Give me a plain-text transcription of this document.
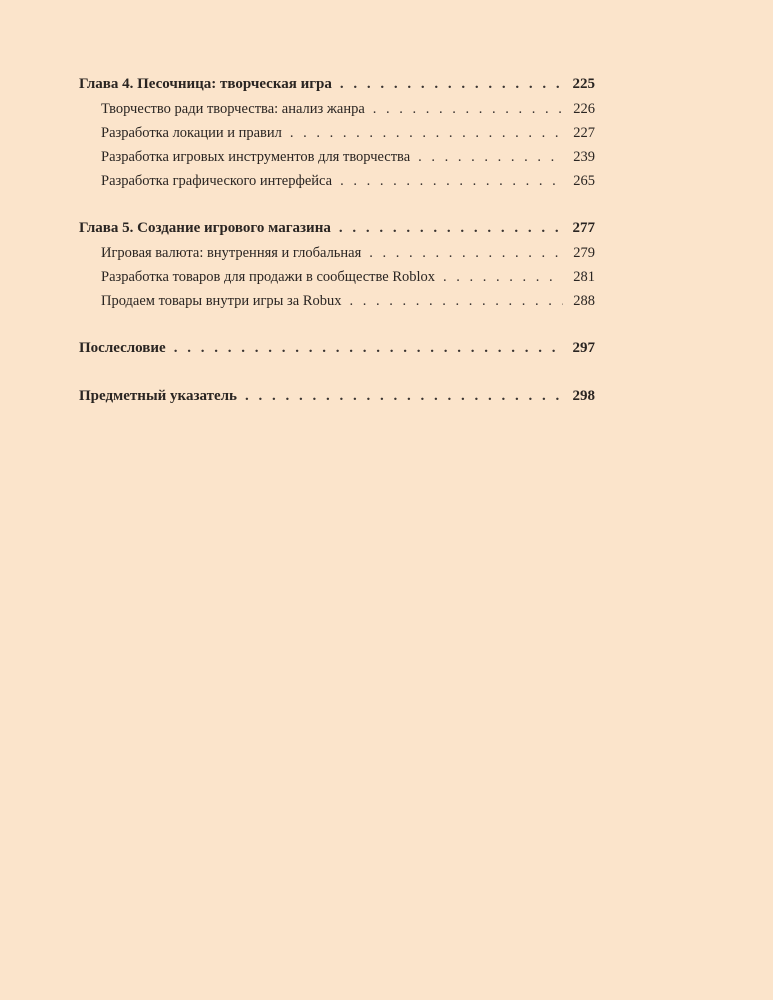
Глава 4. Песочница: творческая игра . . .	225
Творчество ради творчества: анализ жанра . . .	226
Разработка локации и правил . . .	227
Разработка игровых инструментов для творчества . . .	239
Разработка графического интерфейса . . .	265
Глава 5. Создание игрового магазина . . .	277
Игровая валюта: внутренняя и глобальная . . .	279
Разработка товаров для продажи в сообществе Roblox . . .	281
Продаем товары внутри игры за Robux . . .	288
Послесловие . . .	297
Предметный указатель . . .	298
